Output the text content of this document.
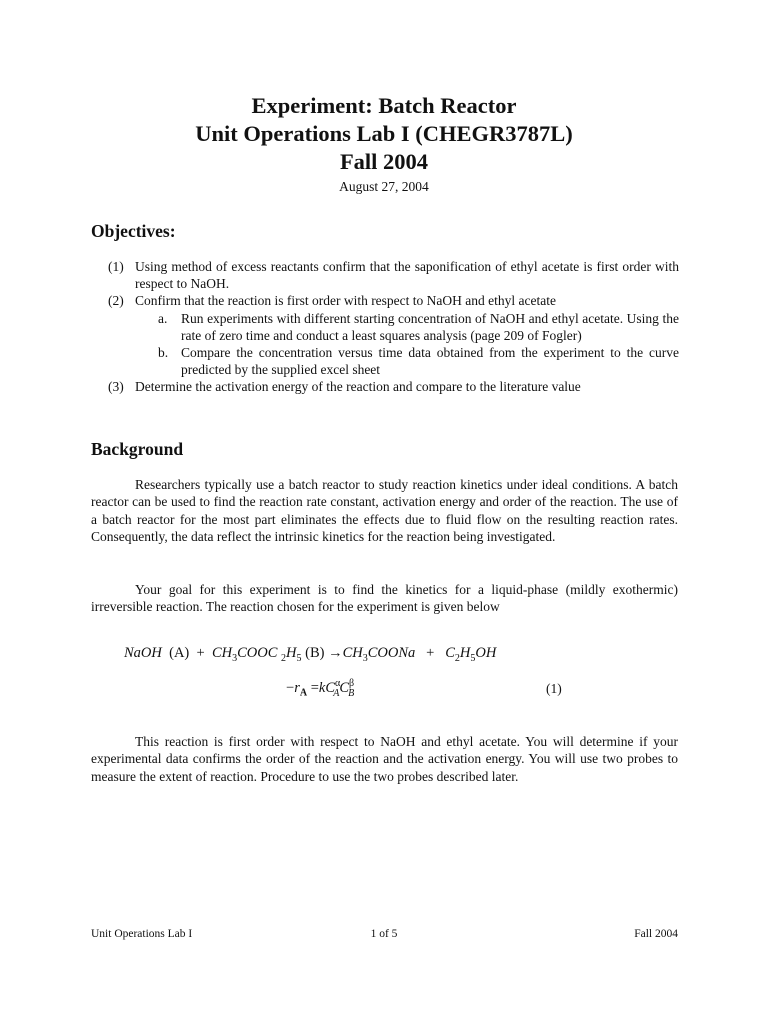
Experiment: Batch Reactor
Unit Operations Lab I (CHEGR3787L)
Fall 2004
August 27, 2004
Objectives:
(1) Using method of excess reactants confirm that the saponification of ethyl acetate is first order with respect to NaOH.
(2) Confirm that the reaction is first order with respect to NaOH and ethyl acetate
a. Run experiments with different starting concentration of NaOH and ethyl acetate. Using the rate of zero time and conduct a least squares analysis (page 209 of Fogler)
b. Compare the concentration versus time data obtained from the experiment to the curve predicted by the supplied excel sheet
(3) Determine the activation energy of the reaction and compare to the literature value
Background
Researchers typically use a batch reactor to study reaction kinetics under ideal conditions. A batch reactor can be used to find the reaction rate constant, activation energy and order of the reaction. The use of a batch reactor for the most part eliminates the effects due to fluid flow on the resulting reaction rates. Consequently, the data reflect the intrinsic kinetics for the reaction being investigated.
Your goal for this experiment is to find the kinetics for a liquid-phase (mildly exothermic) irreversible reaction. The reaction chosen for the experiment is given below
NaOH  $(A) + CH_3COOC$ $_2H_5$ $(B) \to CH_3COONa + C_2H_5OH$
$-r_A =kC^\alpha_AC^\beta_B$	(1)
This reaction is first order with respect to NaOH and ethyl acetate. You will determine if your experimental data confirms the order of the reaction and the activation energy. You will use two probes to measure the extent of reaction. Procedure to use the two probes described later.
Unit Operations Lab I	1 of 5	Fall 2004
